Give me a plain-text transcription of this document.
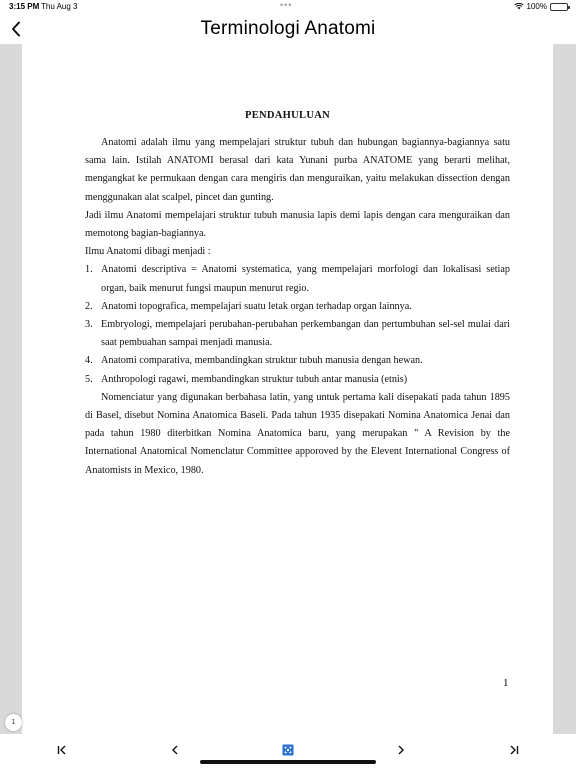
3:15 PM Thu Aug 3	•••	100%
Terminologi Anatomi
PENDAHULUAN

Anatomi adalah ilmu yang mempelajari struktur tubuh dan hubungan bagiannya-bagiannya satu sama lain. Istilah ANATOMI berasal dari kata Yunani purba ANATOME yang berarti melihat, mengangkat ke permukaan dengan cara mengiris dan menguraikan, yaitu melakukan dissection dengan menggunakan alat scalpel, pincet dan gunting.

Jadi ilmu Anatomi mempelajari struktur tubuh manusia lapis demi lapis dengan cara menguraikan dan memotong bagian-bagiannya.

Ilmu Anatomi dibagi menjadi :

1. Anatomi descriptiva = Anatomi systematica, yang mempelajari morfologi dan lokalisasi setiap organ, baik menurut fungsi maupun menurut regio.
2. Anatomi topografica, mempelajari suatu letak organ terhadap organ lainnya.
3. Embryologi, mempelajari perubahan-perubahan perkembangan dan pertumbuhan sel-sel mulai dari saat pembuahan sampai menjadi manusia.
4. Anatomi comparativa, membandingkan struktur tubuh manusia dengan hewan.
5. Anthropologi ragawi, membandingkan struktur tubuh antar manusia (etnis)

Nomenciatur yang digunakan berbahasa latin, yang untuk pertama kali disepakati pada tahun 1895 di Basel, disebut Nomina Anatomica Baseli. Pada tahun 1935 disepakati Nomina Anatomica Jenai dan pada tahun 1980 diterbitkan Nomina Anatomica baru, yang merupakan " A Revision by the International Anatomical Nomenclatur Committee apporoved by the Elevent International Congress of Anatomists in Mexico, 1980.

1
1
